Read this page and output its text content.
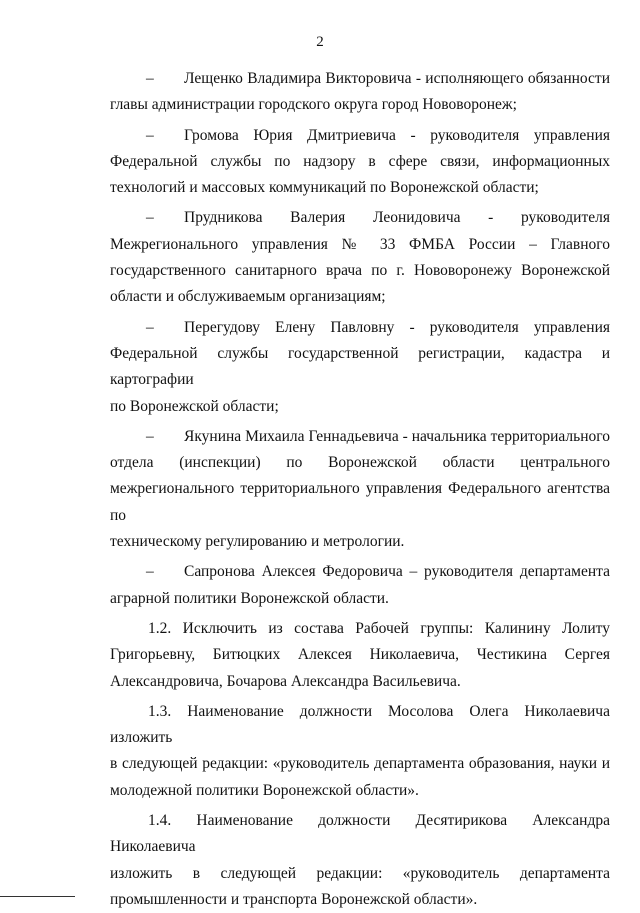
2
–	Лещенко Владимира Викторовича - исполняющего обязанности
главы администрации городского округа город Нововоронеж;
–	Громова Юрия Дмитриевича - руководителя управления
Федеральной службы по надзору в сфере связи, информационных
технологий и массовых коммуникаций по Воронежской области;
–	Прудникова Валерия Леонидовича - руководителя
Межрегионального управления № 33 ФМБА России – Главного
государственного санитарного врача по г. Нововоронежу Воронежской
области и обслуживаемым организациям;
–	Перегудову Елену Павловну - руководителя управления
Федеральной службы государственной регистрации, кадастра и картографии
по Воронежской области;
–	Якунина Михаила Геннадьевича - начальника территориального
отдела (инспекции) по Воронежской области центрального
межрегионального территориального управления Федерального агентства по
техническому регулированию и метрологии.
–	Сапронова Алексея Федоровича – руководителя департамента
аграрной политики Воронежской области.
1.2. Исключить из состава Рабочей группы: Калинину Лолиту
Григорьевну, Битюцких Алексея Николаевича, Честикина Сергея
Александровича, Бочарова Александра Васильевича.
1.3. Наименование должности Мосолова Олега Николаевича изложить
в следующей редакции: «руководитель департамента образования, науки и
молодежной политики Воронежской области».
1.4. Наименование должности Десятирикова Александра Николаевича
изложить в следующей редакции: «руководитель департамента
промышленности и транспорта Воронежской области».
